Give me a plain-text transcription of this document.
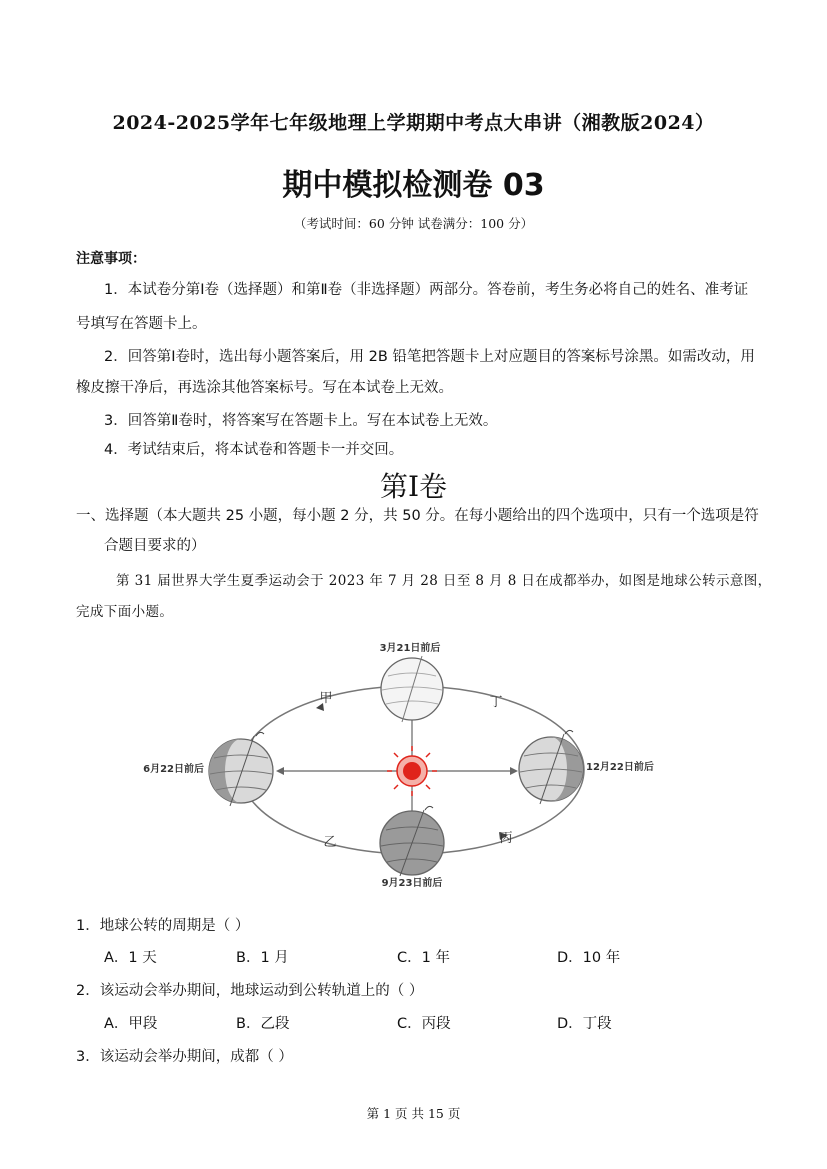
2024-2025学年七年级地理上学期期中考点大串讲（湘教版2024）
期中模拟检测卷 03
（考试时间：60 分钟 试卷满分：100 分）
注意事项：
1．本试卷分第Ⅰ卷（选择题）和第Ⅱ卷（非选择题）两部分。答卷前，考生务必将自己的姓名、准考证
号填写在答题卡上。
2．回答第Ⅰ卷时，选出每小题答案后，用 2B 铅笔把答题卡上对应题目的答案标号涂黑。如需改动，用
橡皮擦干净后，再选涂其他答案标号。写在本试卷上无效。
3．回答第Ⅱ卷时，将答案写在答题卡上。写在本试卷上无效。
4．考试结束后，将本试卷和答题卡一并交回。
第Ⅰ卷
一、选择题（本大题共 25 小题，每小题 2 分，共 50 分。在每小题给出的四个选项中，只有一个选项是符
合题目要求的）
第 31 届世界大学生夏季运动会于 2023 年 7 月 28 日至 8 月 8 日在成都举办，如图是地球公转示意图，
完成下面小题。
3月21日前后
6月22日前后	12月22日前后
9月23日前后
甲
乙	丙
丁
1．地球公转的周期是（ ）
A．1 天	B．1 月	C．1 年	D．10 年
2．该运动会举办期间，地球运动到公转轨道上的（ ）
A．甲段	B．乙段	C．丙段	D．丁段
3．该运动会举办期间，成都（ ）
第 1 页 共 15 页
